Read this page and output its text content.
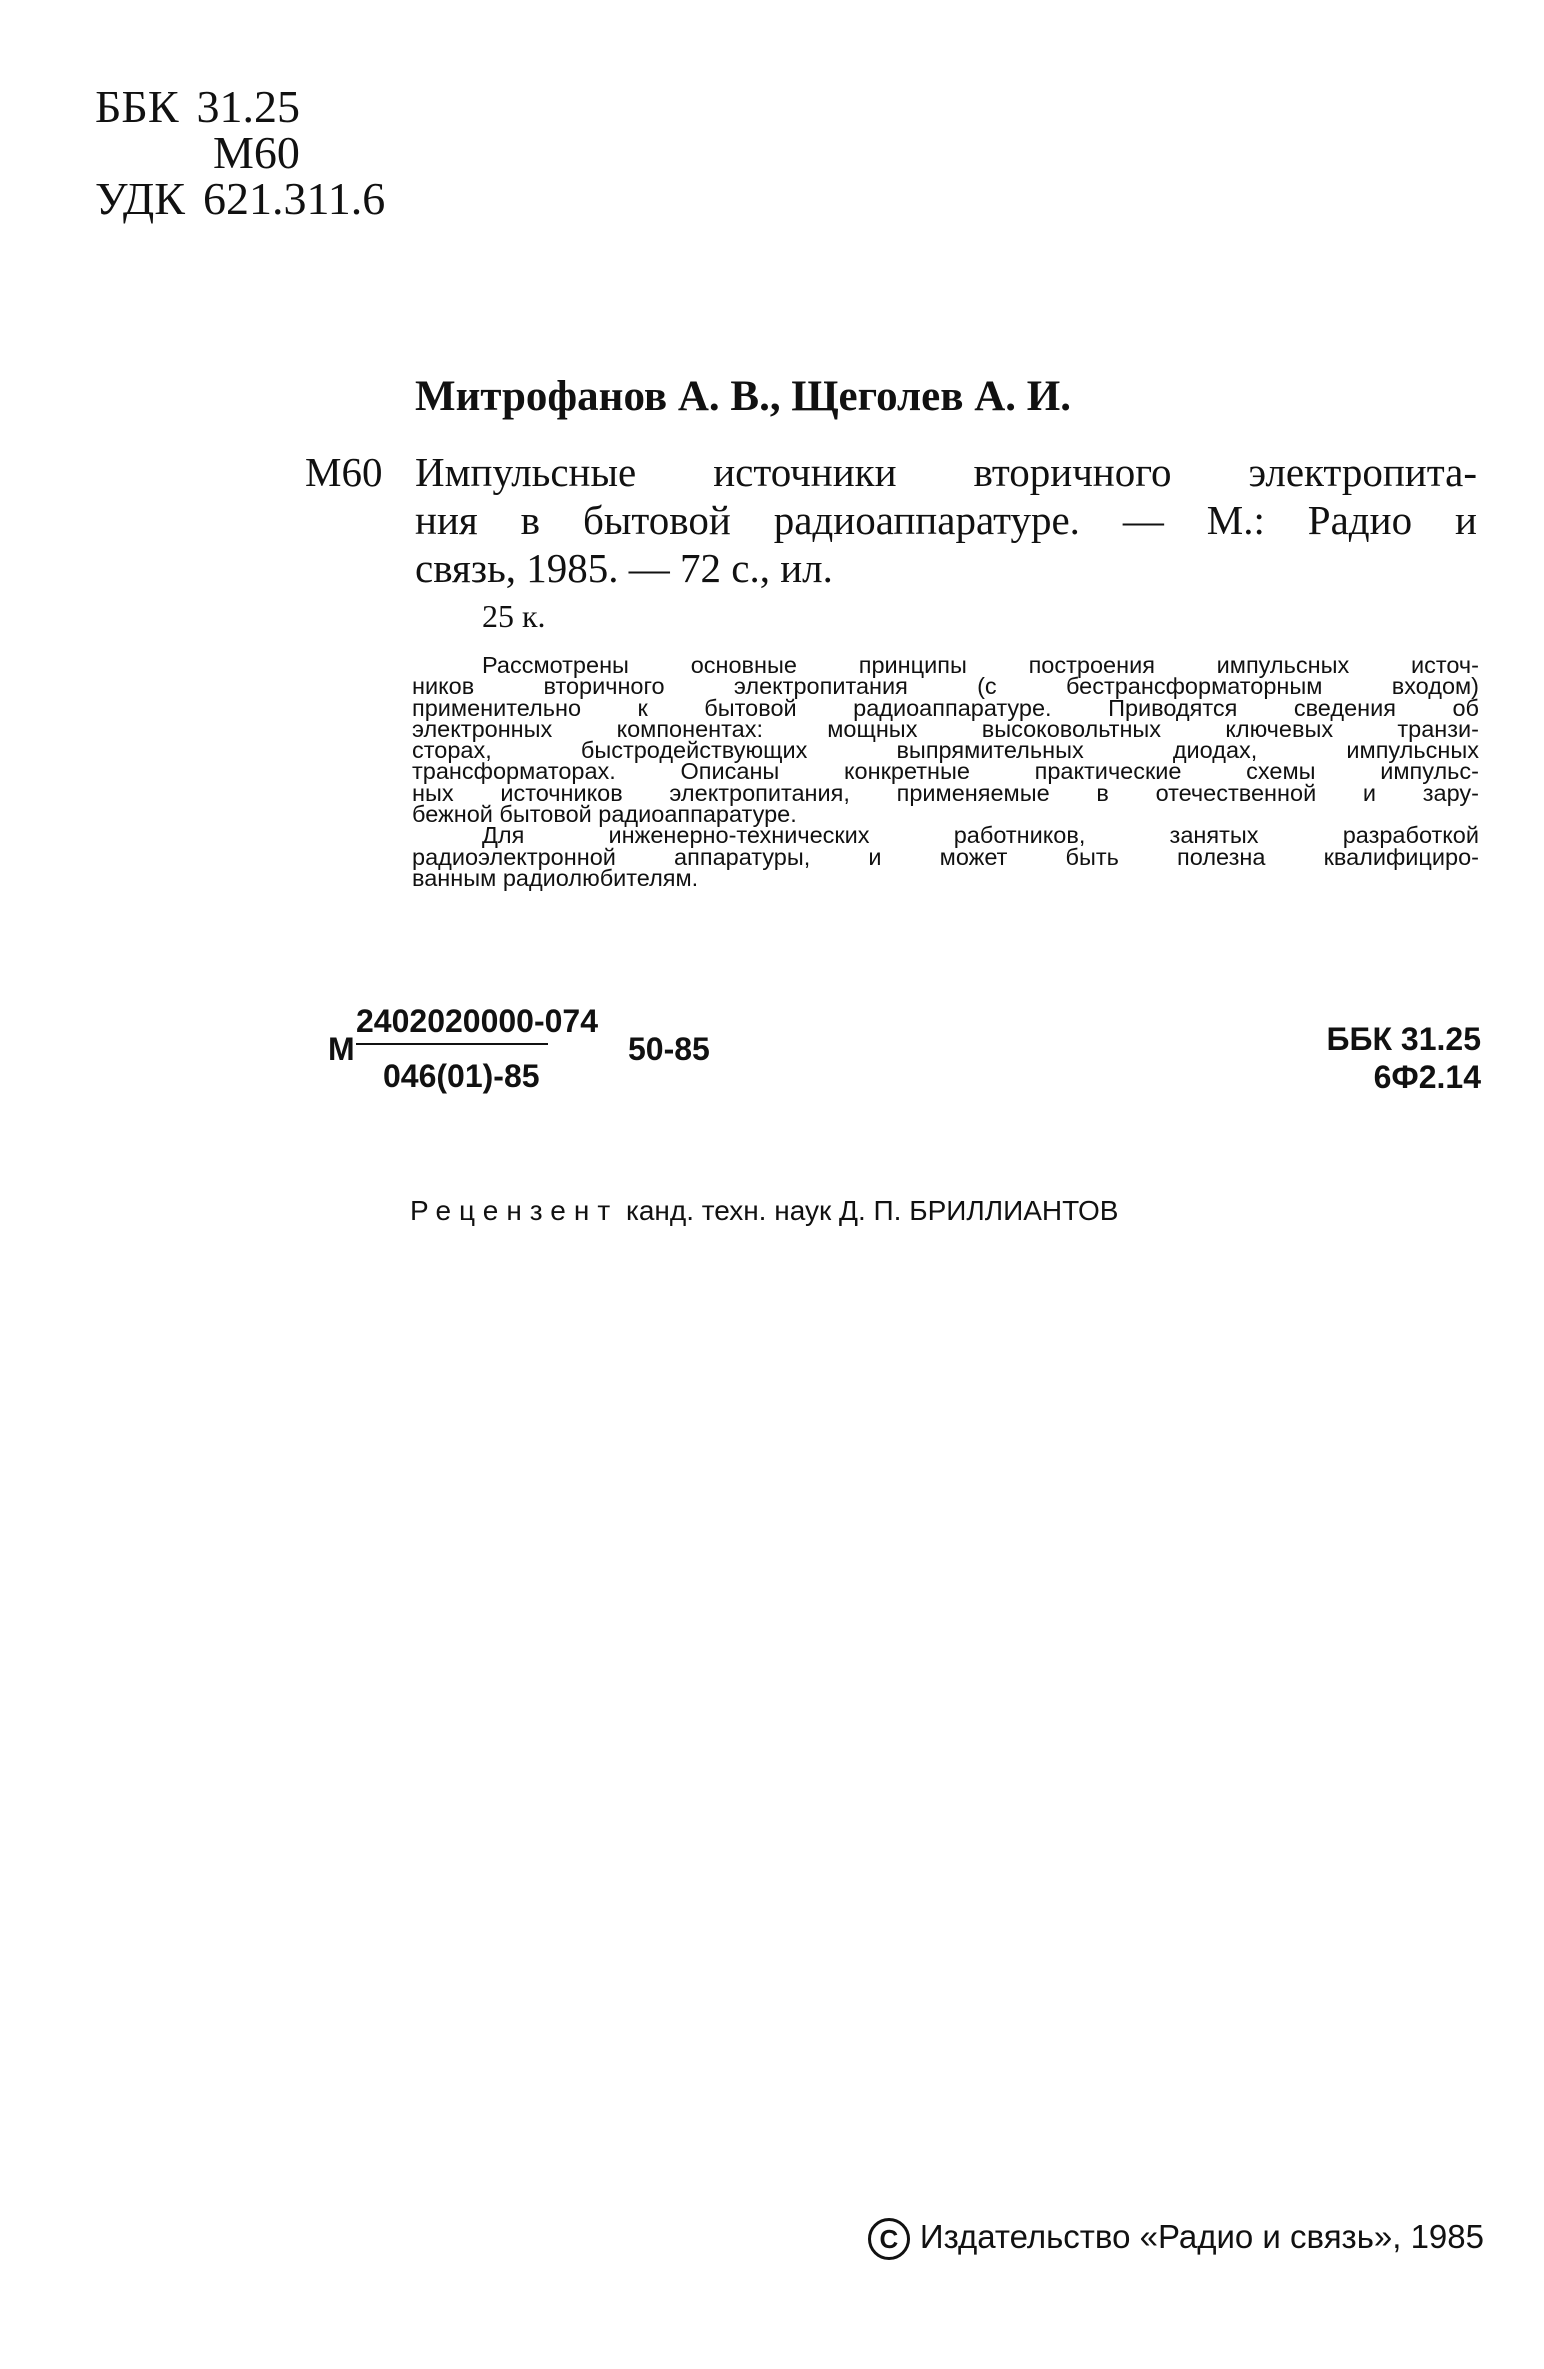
ББК 31.25
М60
УДК 621.311.6
Митрофанов А. В., Щеголев А. И.
М60 Импульсные источники вторичного электропита-
ния в бытовой радиоаппаратуре. — М.: Радио и
связь, 1985. — 72 с., ил.
25 к.
Рассмотрены основные принципы построения импульсных источ-
ников вторичного электропитания (с бестрансформаторным входом)
применительно к бытовой радиоаппаратуре. Приводятся сведения об
электронных компонентах: мощных высоковольтных ключевых транзи-
сторах, быстродействующих выпрямительных диодах, импульсных
трансформаторах. Описаны конкретные практические схемы импульс-
ных источников электропитания, применяемые в отечественной и зару-
бежной бытовой радиоаппаратуре.
Для инженерно-технических работников, занятых разработкой
радиоэлектронной аппаратуры, и может быть полезна квалифициро-
ванным радиолюбителям.
М
2402020000-074
046(01)-85
50-85	ББК 31.25
6Ф2.14
Рецензент канд. техн. наук Д. П. БРИЛЛИАНТОВ
C Издательство «Радио и связь», 1985
